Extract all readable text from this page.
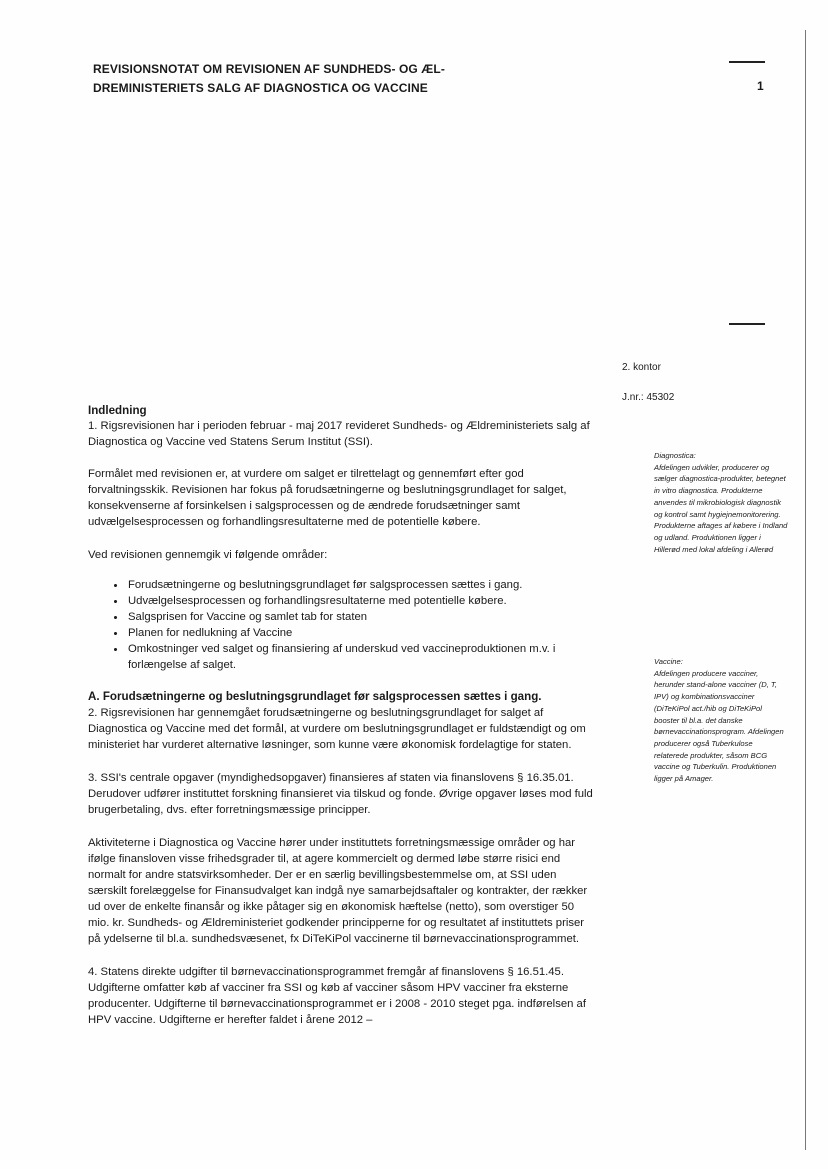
REVISIONSNOTAT OM REVISIONEN AF SUNDHEDS- OG ÆL-
DREMINISTERIETS SALG AF DIAGNOSTICA OG VACCINE	1
2. kontor
J.nr.: 45302
Indledning

1. Rigsrevisionen har i perioden februar - maj 2017 revideret Sundheds- og Ældreministeriets salg af Diagnostica og Vaccine ved Statens Serum Institut (SSI).

Formålet med revisionen er, at vurdere om salget er tilrettelagt og gennemført efter god forvaltningsskik. Revisionen har fokus på forudsætningerne og beslutningsgrundlaget for salget, konsekvenserne af forsinkelsen i salgsprocessen og de ændrede forudsætninger samt udvælgelsesprocessen og forhandlingsresultaterne med de potentielle købere.

Ved revisionen gennemgik vi følgende områder:

• Forudsætningerne og beslutningsgrundlaget før salgsprocessen sættes i gang.
• Udvælgelsesprocessen og forhandlingsresultaterne med potentielle købere.
• Salgsprisen for Vaccine og samlet tab for staten
• Planen for nedlukning af Vaccine
• Omkostninger ved salget og finansiering af underskud ved vaccineproduktionen m.v. i forlængelse af salget.
A. Forudsætningerne og beslutningsgrundlaget før salgsprocessen sættes i gang.

2. Rigsrevisionen har gennemgået forudsætningerne og beslutningsgrundlaget for salget af Diagnostica og Vaccine med det formål, at vurdere om beslutningsgrundlaget er fuldstændigt og om ministeriet har vurderet alternative løsninger, som kunne være økonomisk fordelagtige for staten.

3. SSI's centrale opgaver (myndighedsopgaver) finansieres af staten via finanslovens § 16.35.01. Derudover udfører instituttet forskning finansieret via tilskud og fonde. Øvrige opgaver løses mod fuld brugerbetaling, dvs. efter forretningsmæssige principper.

Aktiviteterne i Diagnostica og Vaccine hører under instituttets forretningsmæssige områder og har ifølge finansloven visse frihedsgrader til, at agere kommercielt og dermed løbe større risici end normalt for andre statsvirksomheder. Der er en særlig bevillingsbestemmelse om, at SSI uden særskilt forelæggelse for Finansudvalget kan indgå nye samarbejdsaftaler og kontrakter, der rækker ud over de enkelte finansår og ikke påtager sig en økonomisk hæftelse (netto), som overstiger 50 mio. kr. Sundheds- og Ældreministeriet godkender principperne for og resultatet af instituttets priser på ydelserne til bl.a. sundhedsvæsenet, fx DiTeKiPol vaccinerne til børnevaccinationsprogrammet.

4. Statens direkte udgifter til børnevaccinationsprogrammet fremgår af finanslovens § 16.51.45. Udgifterne omfatter køb af vacciner fra SSI og køb af vacciner såsom HPV vacciner fra eksterne producenter. Udgifterne til børnevaccinationsprogrammet er i 2008 - 2010 steget pga. indførelsen af HPV vaccine. Udgifterne er herefter faldet i årene 2012 –

Diagnostica:
Afdelingen udvikler, producerer og sælger diagnostica-produkter, betegnet in vitro diagnostica. Produkterne anvendes til mikrobiologisk diagnostik og kontrol samt hygiejnemonitorering. Produkterne aftages af købere i Indland og udland. Produktionen ligger i Hillerød med lokal afdeling i Allerød
Vaccine:
Afdelingen producere vacciner, herunder stand-alone vacciner (D, T, IPV) og kombinationsvacciner (DiTeKiPol act./hib og DiTeKiPol booster til bl.a. det danske børnevaccinationsprogram. Afdelingen producerer også Tuberkulose relaterede produkter, såsom BCG vaccine og Tuberkulin. Produktionen ligger på Amager.
